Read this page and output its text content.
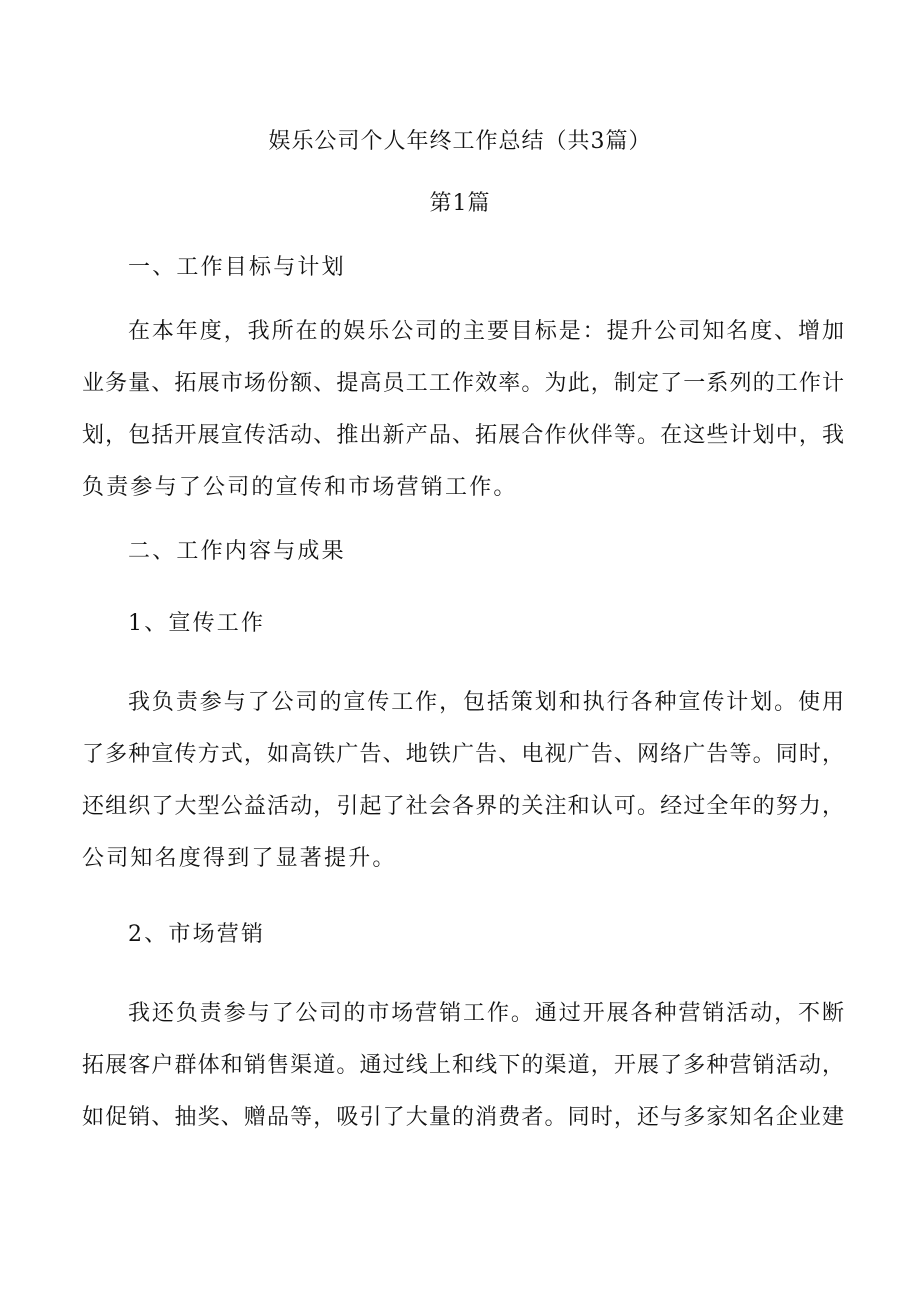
娱乐公司个人年终工作总结（共3篇）
第1篇
一、工作目标与计划
在本年度，我所在的娱乐公司的主要目标是：提升公司知名度、增加
业务量、拓展市场份额、提高员工工作效率。为此，制定了一系列的工作计
划，包括开展宣传活动、推出新产品、拓展合作伙伴等。在这些计划中，我
负责参与了公司的宣传和市场营销工作。
二、工作内容与成果
1、宣传工作
我负责参与了公司的宣传工作，包括策划和执行各种宣传计划。使用
了多种宣传方式，如高铁广告、地铁广告、电视广告、网络广告等。同时，
还组织了大型公益活动，引起了社会各界的关注和认可。经过全年的努力，
公司知名度得到了显著提升。
2、市场营销
我还负责参与了公司的市场营销工作。通过开展各种营销活动，不断
拓展客户群体和销售渠道。通过线上和线下的渠道，开展了多种营销活动，
如促销、抽奖、赠品等，吸引了大量的消费者。同时，还与多家知名企业建
